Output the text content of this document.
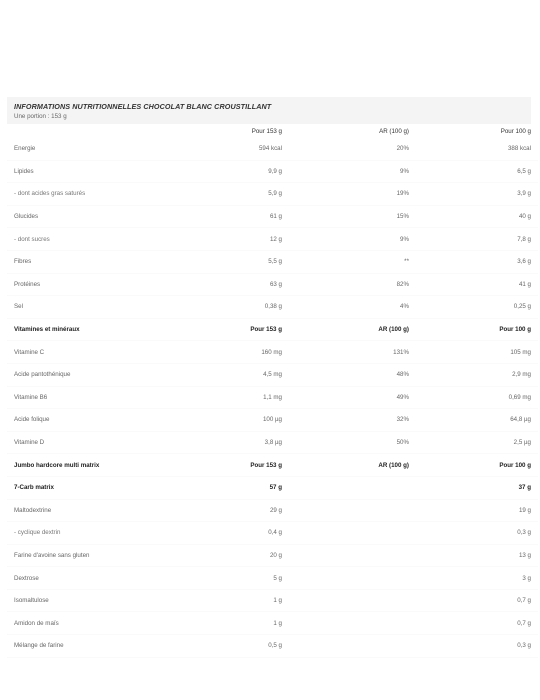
INFORMATIONS NUTRITIONNELLES CHOCOLAT BLANC CROUSTILLANT
Une portion : 153 g
	Pour 153 g	AR (100 g)	Pour 100 g
Energie	594 kcal	20%	388 kcal
Lipides	9,9 g	9%	6,5 g
- dont acides gras saturés	5,9 g	19%	3,9 g
Glucides	61 g	15%	40 g
- dont sucres	12 g	9%	7,8 g
Fibres	5,5 g	**	3,6 g
Protéines	63 g	82%	41 g
Sel	0,38 g	4%	0,25 g
Vitamines et minéraux	Pour 153 g	AR (100 g)	Pour 100 g
Vitamine C	160 mg	131%	105 mg
Acide pantothénique	4,5 mg	48%	2,9 mg
Vitamine B6	1,1 mg	49%	0,69 mg
Acide folique	100 µg	32%	64,8 µg
Vitamine D	3,8 µg	50%	2,5 µg
Jumbo hardcore multi matrix	Pour 153 g	AR (100 g)	Pour 100 g
7-Carb matrix	57 g		37 g
Maltodextrine	29 g		19 g
- cyclique dextrin	0,4 g		0,3 g
Farine d'avoine sans gluten	20 g		13 g
Dextrose	5 g		3 g
Isomaltulose	1 g		0,7 g
Amidon de maïs	1 g		0,7 g
Mélange de farine	0,5 g		0,3 g
